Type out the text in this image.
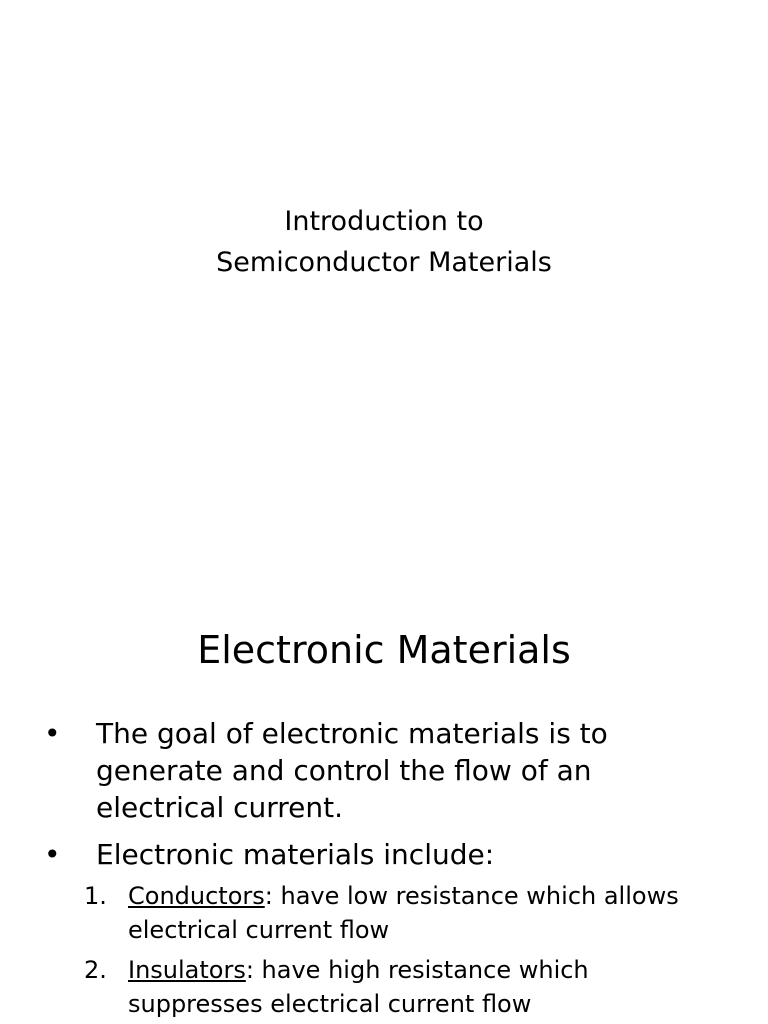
Introduction to
Semiconductor Materials
Electronic Materials
• The goal of electronic materials is to
generate and control the flow of an
electrical current.
• Electronic materials include:
1. Conductors: have low resistance which allows
electrical current flow
2. Insulators: have high resistance which
suppresses electrical current flow
